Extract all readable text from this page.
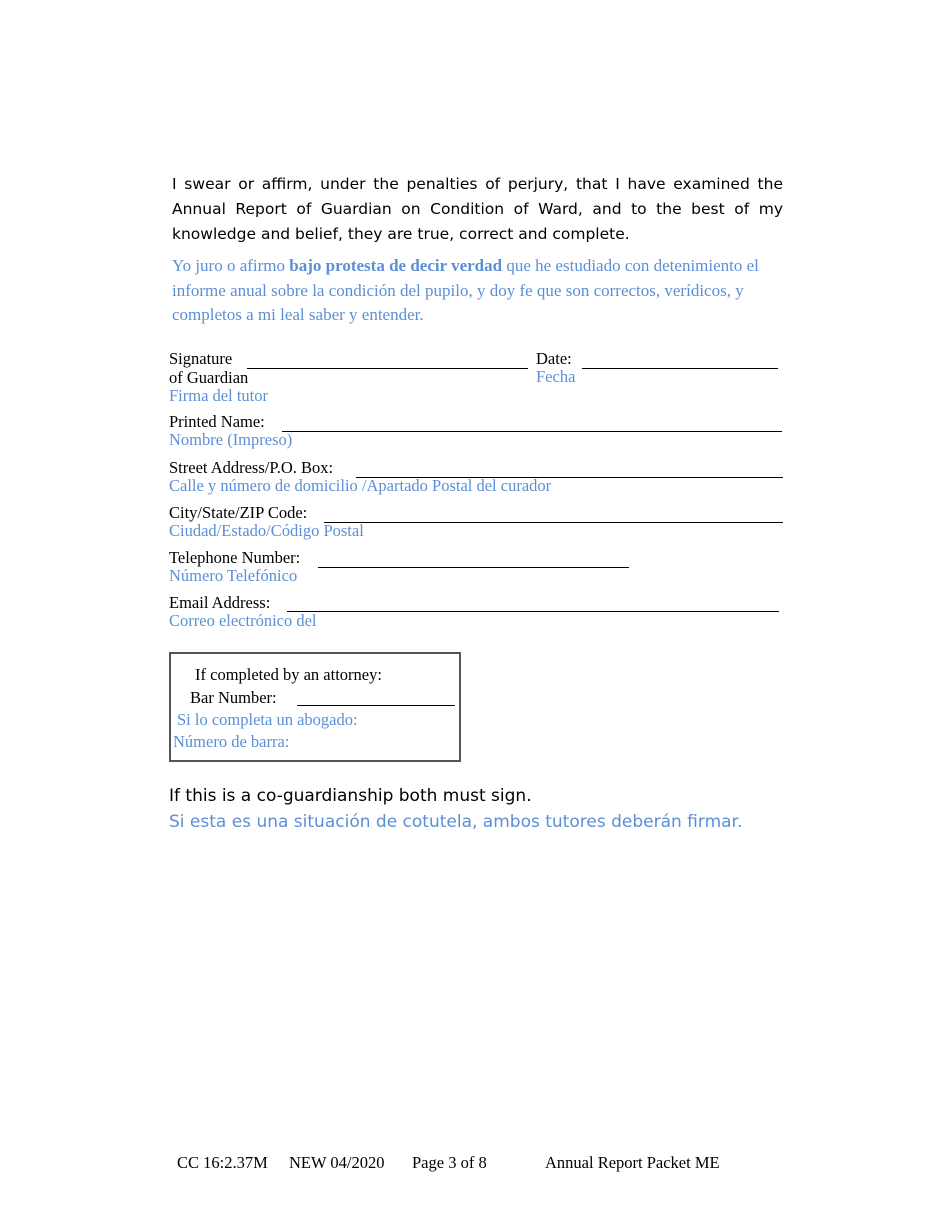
I swear or affirm, under the penalties of perjury, that I have examined the Annual Report of Guardian on Condition of Ward, and to the best of my knowledge and belief, they are true, correct and complete.
Yo juro o afirmo bajo protesta de decir verdad que he estudiado con detenimiento el informe anual sobre la condición del pupilo, y doy fe que son correctos, verídicos, y completos a mi leal saber y entender.
Signature
of Guardian
Firma del tutor
Date:
Fecha
Printed Name:
Nombre (Impreso)
Street Address/P.O. Box:
Calle y número de domicilio /Apartado Postal del curador
City/State/ZIP Code:
Ciudad/Estado/Código Postal
Telephone Number:
Número Telefónico
Email Address:
Correo electrónico del
If completed by an attorney:
Bar Number:
Si lo completa un abogado:
Número de barra:
If this is a co-guardianship both must sign.
Si esta es una situación de cotutela, ambos tutores deberán firmar.
CC 16:2.37M NEW 04/2020 Page 3 of 8	Annual Report Packet ME
